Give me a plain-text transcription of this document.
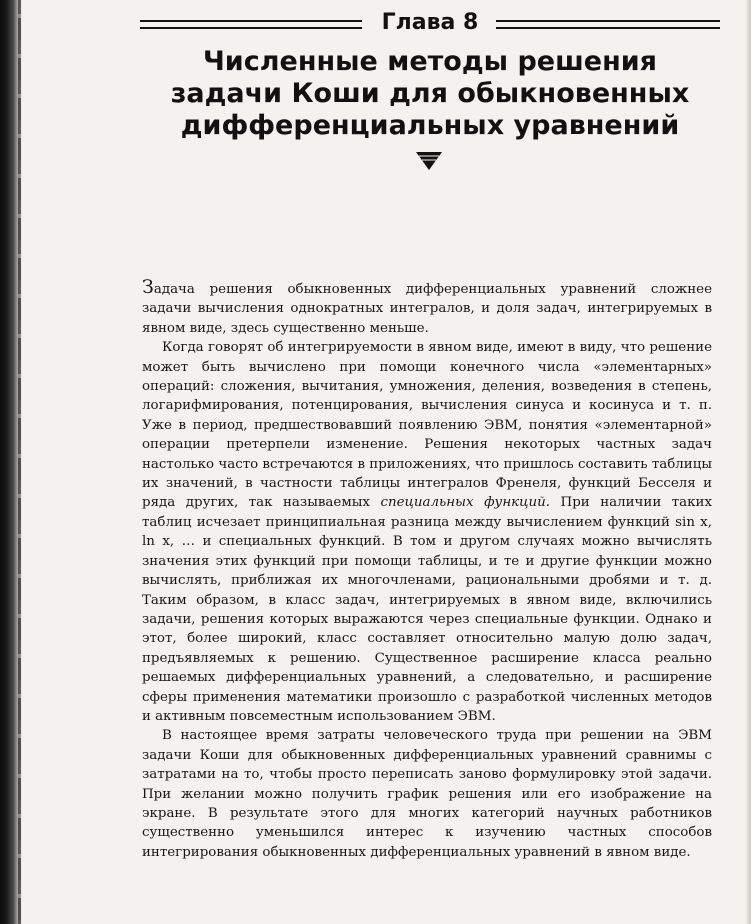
Глава 8
Численные методы решения
задачи Коши для обыкновенных
дифференциальных уравнений

Задача решения обыкновенных дифференциальных уравнений сложнее задачи вычисления однократных интегралов, и доля задач, интегрируемых в явном виде, здесь существенно меньше.

Когда говорят об интегрируемости в явном виде, имеют в виду, что решение может быть вычислено при помощи конечного числа «элементарных» операций: сложения, вычитания, умножения, деления, возведения в степень, логарифмирования, потенцирования, вычисления синуса и косинуса и т. п. Уже в период, предшествовавший появлению ЭВМ, понятия «элементарной» операции претерпели изменение. Решения некоторых частных задач настолько часто встречаются в приложениях, что пришлось составить таблицы их значений, в частности таблицы интегралов Френеля, функций Бесселя и ряда других, так называемых специальных функций. При наличии таких таблиц исчезает принципиальная разница между вычислением функций sin x, ln x, … и специальных функций. В том и другом случаях можно вычислять значения этих функций при помощи таблицы, и те и другие функции можно вычислять, приближая их многочленами, рациональными дробями и т. д. Таким образом, в класс задач, интегрируемых в явном виде, включились задачи, решения которых выражаются через специальные функции. Однако и этот, более широкий, класс составляет относительно малую долю задач, предъявляемых к решению. Существенное расширение класса реально решаемых дифференциальных уравнений, а следовательно, и расширение сферы применения математики произошло с разработкой численных методов и активным повсеместным использованием ЭВМ.

В настоящее время затраты человеческого труда при решении на ЭВМ задачи Коши для обыкновенных дифференциальных уравнений сравнимы с затратами на то, чтобы просто переписать заново формулировку этой задачи. При желании можно получить график решения или его изображение на экране. В результате этого для многих категорий научных работников существенно уменьшился интерес к изучению частных способов интегрирования обыкновенных дифференциальных уравнений в явном виде.
